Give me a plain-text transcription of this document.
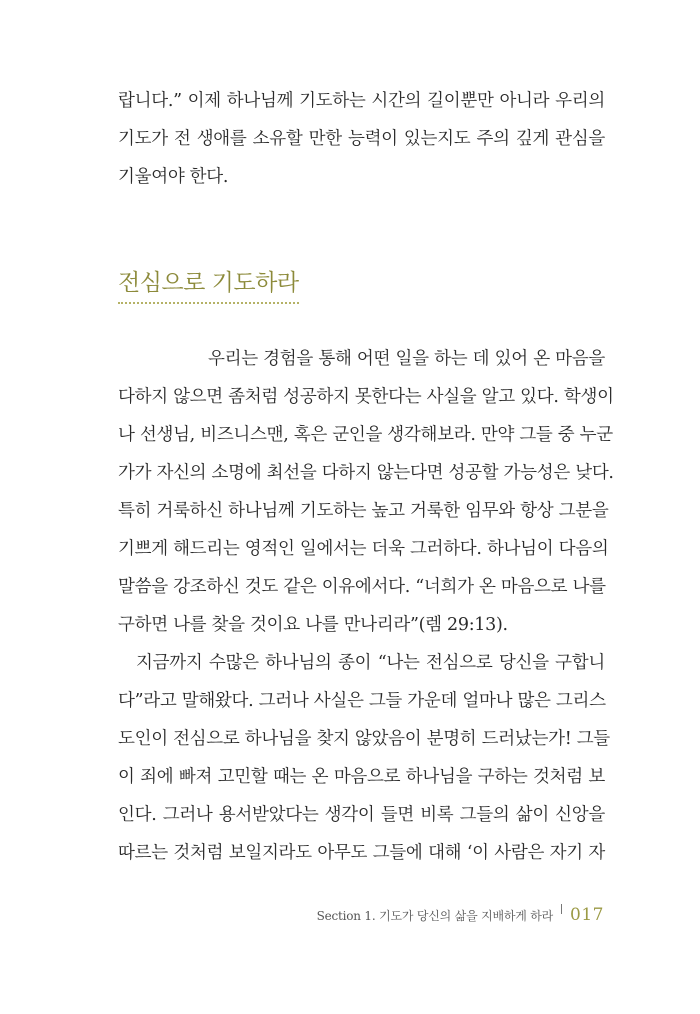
랍니다.” 이제 하나님께 기도하는 시간의 길이뿐만 아니라 우리의
기도가 전 생애를 소유할 만한 능력이 있는지도 주의 깊게 관심을
기울여야 한다.
전심으로 기도하라
우리는 경험을 통해 어떤 일을 하는 데 있어 온 마음을
다하지 않으면 좀처럼 성공하지 못한다는 사실을 알고 있다. 학생이
나 선생님, 비즈니스맨, 혹은 군인을 생각해보라. 만약 그들 중 누군
가가 자신의 소명에 최선을 다하지 않는다면 성공할 가능성은 낮다.
특히 거룩하신 하나님께 기도하는 높고 거룩한 임무와 항상 그분을
기쁘게 해드리는 영적인 일에서는 더욱 그러하다. 하나님이 다음의
말씀을 강조하신 것도 같은 이유에서다. “너희가 온 마음으로 나를
구하면 나를 찾을 것이요 나를 만나리라”(렘 29:13).
지금까지 수많은 하나님의 종이 “나는 전심으로 당신을 구합니
다”라고 말해왔다. 그러나 사실은 그들 가운데 얼마나 많은 그리스
도인이 전심으로 하나님을 찾지 않았음이 분명히 드러났는가! 그들
이 죄에 빠져 고민할 때는 온 마음으로 하나님을 구하는 것처럼 보
인다. 그러나 용서받았다는 생각이 들면 비록 그들의 삶이 신앙을
따르는 것처럼 보일지라도 아무도 그들에 대해 ‘이 사람은 자기 자
Section 1. 기도가 당신의 삶을 지배하게 하라 017
